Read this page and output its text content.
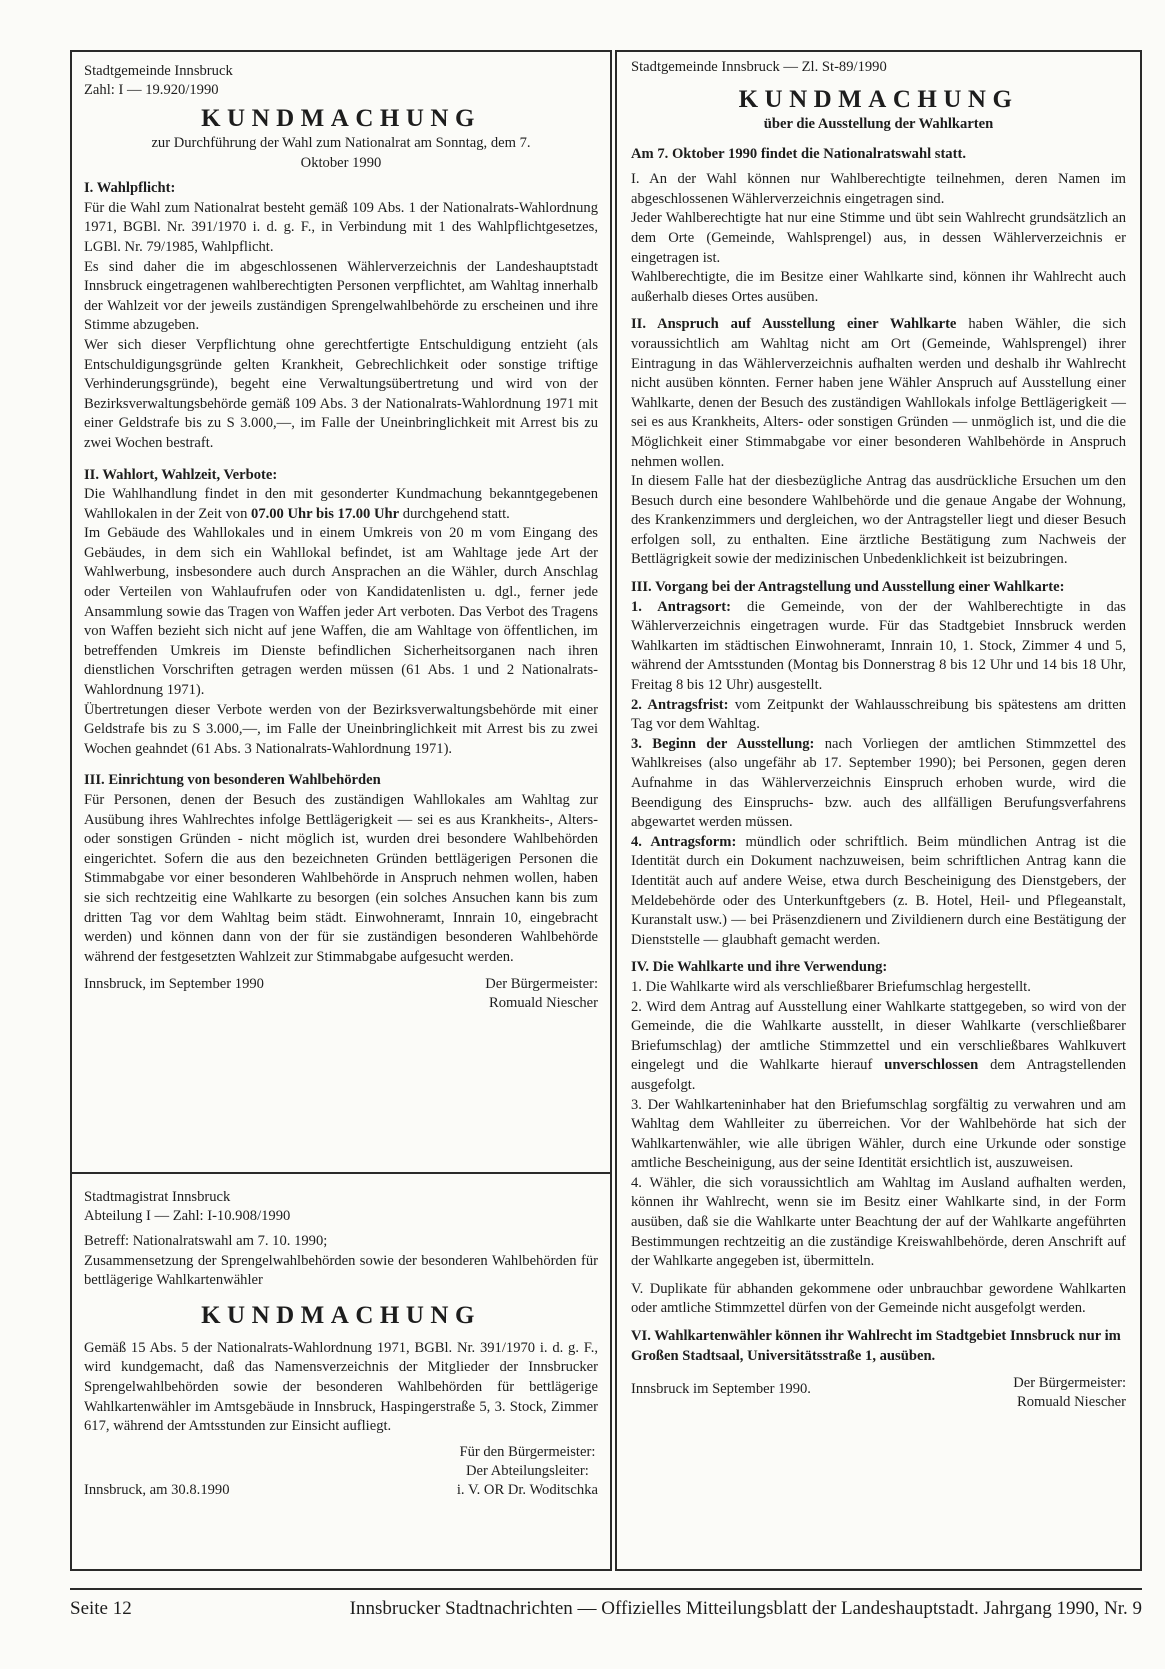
Stadtgemeinde Innsbruck

Zahl: I — 19.920/1990

KUNDMACHUNG

zur Durchführung der Wahl zum Nationalrat am Sonntag, dem 7. Oktober 1990

I. Wahlpflicht:

Für die Wahl zum Nationalrat besteht gemäß 109 Abs. 1 der Nationalrats-Wahlordnung 1971, BGBl. Nr. 391/1970 i. d. g. F., in Verbindung mit 1 des Wahlpflichtgesetzes, LGBl. Nr. 79/1985, Wahlpflicht.

Es sind daher die im abgeschlossenen Wählerverzeichnis der Landeshauptstadt Innsbruck eingetragenen wahlberechtigten Personen verpflichtet, am Wahltag innerhalb der Wahlzeit vor der jeweils zuständigen Sprengelwahlbehörde zu erscheinen und ihre Stimme abzugeben.

Wer sich dieser Verpflichtung ohne gerechtfertigte Entschuldigung entzieht (als Entschuldigungsgründe gelten Krankheit, Gebrechlichkeit oder sonstige triftige Verhinderungsgründe), begeht eine Verwaltungsübertretung und wird von der Bezirksverwaltungsbehörde gemäß 109 Abs. 3 der Nationalrats-Wahlordnung 1971 mit einer Geldstrafe bis zu S 3.000,—, im Falle der Uneinbringlichkeit mit Arrest bis zu zwei Wochen bestraft.

II. Wahlort, Wahlzeit, Verbote:

Die Wahlhandlung findet in den mit gesonderter Kundmachung bekanntgegebenen Wahllokalen in der Zeit von 07.00 Uhr bis 17.00 Uhr durchgehend statt.

Im Gebäude des Wahllokales und in einem Umkreis von 20 m vom Eingang des Gebäudes, in dem sich ein Wahllokal befindet, ist am Wahltage jede Art der Wahlwerbung, insbesondere auch durch Ansprachen an die Wähler, durch Anschlag oder Verteilen von Wahlaufrufen oder von Kandidatenlisten u. dgl., ferner jede Ansammlung sowie das Tragen von Waffen jeder Art verboten. Das Verbot des Tragens von Waffen bezieht sich nicht auf jene Waffen, die am Wahltage von öffentlichen, im betreffenden Umkreis im Dienste befindlichen Sicherheitsorganen nach ihren dienstlichen Vorschriften getragen werden müssen (61 Abs. 1 und 2 Nationalrats-Wahlordnung 1971).

Übertretungen dieser Verbote werden von der Bezirksverwaltungsbehörde mit einer Geldstrafe bis zu S 3.000,—, im Falle der Uneinbringlichkeit mit Arrest bis zu zwei Wochen geahndet (61 Abs. 3 Nationalrats-Wahlordnung 1971).

III. Einrichtung von besonderen Wahlbehörden

Für Personen, denen der Besuch des zuständigen Wahllokales am Wahltag zur Ausübung ihres Wahlrechtes infolge Bettlägerigkeit — sei es aus Krankheits-, Alters- oder sonstigen Gründen - nicht möglich ist, wurden drei besondere Wahlbehörden eingerichtet. Sofern die aus den bezeichneten Gründen bettlägerigen Personen die Stimmabgabe vor einer besonderen Wahlbehörde in Anspruch nehmen wollen, haben sie sich rechtzeitig eine Wahlkarte zu besorgen (ein solches Ansuchen kann bis zum dritten Tag vor dem Wahltag beim städt. Einwohneramt, Innrain 10, eingebracht werden) und können dann von der für sie zuständigen besonderen Wahlbehörde während der festgesetzten Wahlzeit zur Stimmabgabe aufgesucht werden.

Innsbruck, im September 1990	Der Bürgermeister:
Romuald Niescher

Stadtmagistrat Innsbruck

Abteilung I — Zahl: I-10.908/1990

Betreff: Nationalratswahl am 7. 10. 1990;

Zusammensetzung der Sprengelwahlbehörden sowie der besonderen Wahlbehörden für bettlägerige Wahlkartenwähler

KUNDMACHUNG

Gemäß 15 Abs. 5 der Nationalrats-Wahlordnung 1971, BGBl. Nr. 391/1970 i. d. g. F., wird kundgemacht, daß das Namensverzeichnis der Mitglieder der Innsbrucker Sprengelwahlbehörden sowie der besonderen Wahlbehörden für bettlägerige Wahlkartenwähler im Amtsgebäude in Innsbruck, Haspingerstraße 5, 3. Stock, Zimmer 617, während der Amtsstunden zur Einsicht aufliegt.

Innsbruck, am 30.8.1990
Für den Bürgermeister:
Der Abteilungsleiter:
i. V. OR Dr. Woditschka

Stadtgemeinde Innsbruck — Zl. St-89/1990

KUNDMACHUNG

über die Ausstellung der Wahlkarten

Am 7. Oktober 1990 findet die Nationalratswahl statt.

I. An der Wahl können nur Wahlberechtigte teilnehmen, deren Namen im abgeschlossenen Wählerverzeichnis eingetragen sind.

Jeder Wahlberechtigte hat nur eine Stimme und übt sein Wahlrecht grundsätzlich an dem Orte (Gemeinde, Wahlsprengel) aus, in dessen Wählerverzeichnis er eingetragen ist.

Wahlberechtigte, die im Besitze einer Wahlkarte sind, können ihr Wahlrecht auch außerhalb dieses Ortes ausüben.

II. Anspruch auf Ausstellung einer Wahlkarte haben Wähler, die sich voraussichtlich am Wahltag nicht am Ort (Gemeinde, Wahlsprengel) ihrer Eintragung in das Wählerverzeichnis aufhalten werden und deshalb ihr Wahlrecht nicht ausüben könnten. Ferner haben jene Wähler Anspruch auf Ausstellung einer Wahlkarte, denen der Besuch des zuständigen Wahllokals infolge Bettlägerigkeit — sei es aus Krankheits, Alters- oder sonstigen Gründen — unmöglich ist, und die die Möglichkeit einer Stimmabgabe vor einer besonderen Wahlbehörde in Anspruch nehmen wollen.

In diesem Falle hat der diesbezügliche Antrag das ausdrückliche Ersuchen um den Besuch durch eine besondere Wahlbehörde und die genaue Angabe der Wohnung, des Krankenzimmers und dergleichen, wo der Antragsteller liegt und dieser Besuch erfolgen soll, zu enthalten. Eine ärztliche Bestätigung zum Nachweis der Bettlägrigkeit sowie der medizinischen Unbedenklichkeit ist beizubringen.

III. Vorgang bei der Antragstellung und Ausstellung einer Wahlkarte:

1. Antragsort: die Gemeinde, von der der Wahlberechtigte in das Wählerverzeichnis eingetragen wurde. Für das Stadtgebiet Innsbruck werden Wahlkarten im städtischen Einwohneramt, Innrain 10, 1. Stock, Zimmer 4 und 5, während der Amtsstunden (Montag bis Donnerstrag 8 bis 12 Uhr und 14 bis 18 Uhr, Freitag 8 bis 12 Uhr) ausgestellt.

2. Antragsfrist: vom Zeitpunkt der Wahlausschreibung bis spätestens am dritten Tag vor dem Wahltag.

3. Beginn der Ausstellung: nach Vorliegen der amtlichen Stimmzettel des Wahlkreises (also ungefähr ab 17. September 1990); bei Personen, gegen deren Aufnahme in das Wählerverzeichnis Einspruch erhoben wurde, wird die Beendigung des Einspruchs- bzw. auch des allfälligen Berufungsverfahrens abgewartet werden müssen.

4. Antragsform: mündlich oder schriftlich. Beim mündlichen Antrag ist die Identität durch ein Dokument nachzuweisen, beim schriftlichen Antrag kann die Identität auch auf andere Weise, etwa durch Bescheinigung des Dienstgebers, der Meldebehörde oder des Unterkunftgebers (z. B. Hotel, Heil- und Pflegeanstalt, Kuranstalt usw.) — bei Präsenzdienern und Zivildienern durch eine Bestätigung der Dienststelle — glaubhaft gemacht werden.

IV. Die Wahlkarte und ihre Verwendung:

1. Die Wahlkarte wird als verschließbarer Briefumschlag hergestellt.

2. Wird dem Antrag auf Ausstellung einer Wahlkarte stattgegeben, so wird von der Gemeinde, die die Wahlkarte ausstellt, in dieser Wahlkarte (verschließbarer Briefumschlag) der amtliche Stimmzettel und ein verschließbares Wahlkuvert eingelegt und die Wahlkarte hierauf unverschlossen dem Antragstellenden ausgefolgt.

3. Der Wahlkarteninhaber hat den Briefumschlag sorgfältig zu verwahren und am Wahltag dem Wahlleiter zu überreichen. Vor der Wahlbehörde hat sich der Wahlkartenwähler, wie alle übrigen Wähler, durch eine Urkunde oder sonstige amtliche Bescheinigung, aus der seine Identität ersichtlich ist, auszuweisen.

4. Wähler, die sich voraussichtlich am Wahltag im Ausland aufhalten werden, können ihr Wahlrecht, wenn sie im Besitz einer Wahlkarte sind, in der Form ausüben, daß sie die Wahlkarte unter Beachtung der auf der Wahlkarte angeführten Bestimmungen rechtzeitig an die zuständige Kreiswahlbehörde, deren Anschrift auf der Wahlkarte angegeben ist, übermitteln.

V. Duplikate für abhanden gekommene oder unbrauchbar gewordene Wahlkarten oder amtliche Stimmzettel dürfen von der Gemeinde nicht ausgefolgt werden.

VI. Wahlkartenwähler können ihr Wahlrecht im Stadtgebiet Innsbruck nur im Großen Stadtsaal, Universitätsstraße 1, ausüben.

Innsbruck im September 1990.	Der Bürgermeister:
Romuald Niescher
Seite 12	Innsbrucker Stadtnachrichten — Offizielles Mitteilungsblatt der Landeshauptstadt. Jahrgang 1990, Nr. 9
